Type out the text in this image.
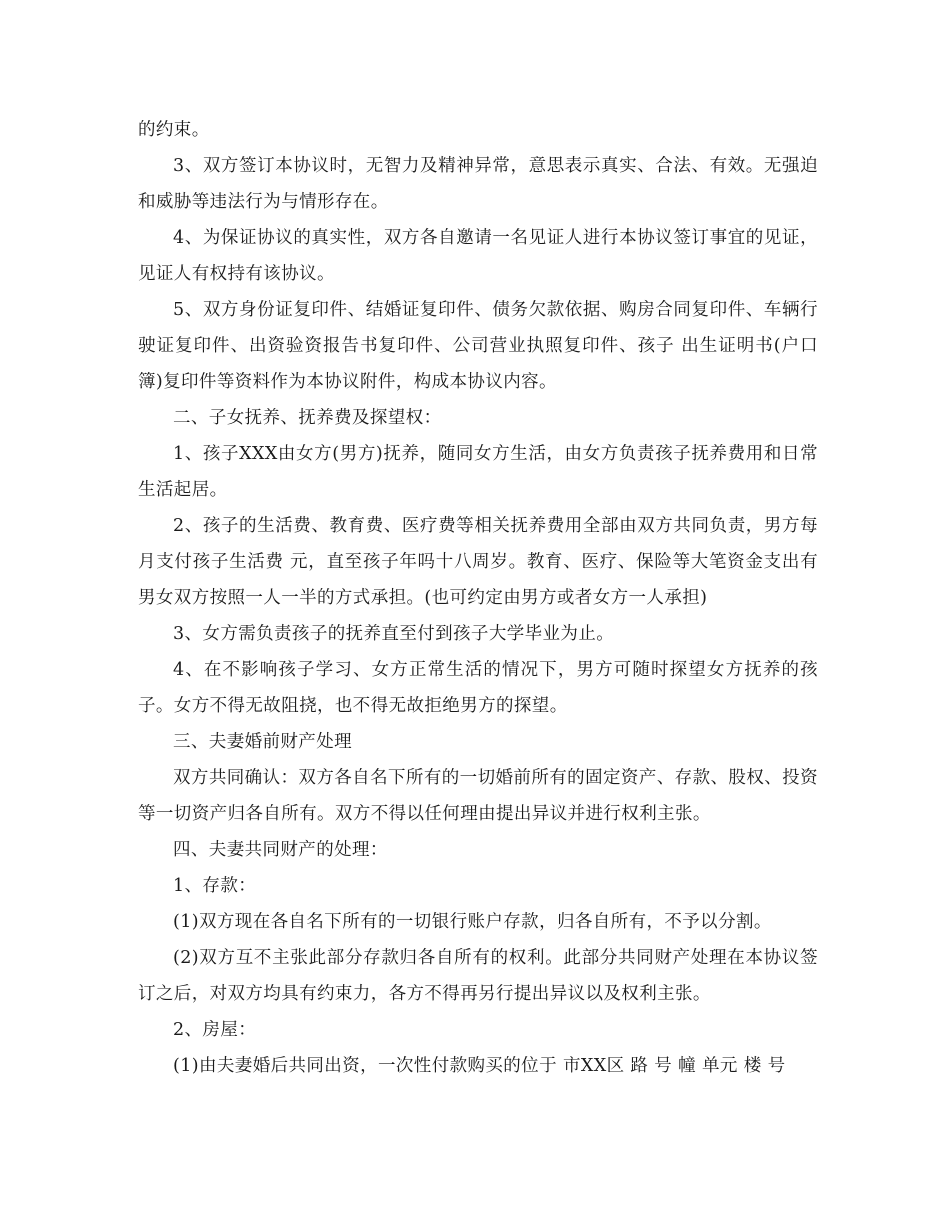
的约束。

3、双方签订本协议时，无智力及精神异常，意思表示真实、合法、有效。无强迫和威胁等违法行为与情形存在。

4、为保证协议的真实性，双方各自邀请一名见证人进行本协议签订事宜的见证，见证人有权持有该协议。

5、双方身份证复印件、结婚证复印件、债务欠款依据、购房合同复印件、车辆行驶证复印件、出资验资报告书复印件、公司营业执照复印件、孩子 出生证明书(户口簿)复印件等资料作为本协议附件，构成本协议内容。

二、子女抚养、抚养费及探望权：

1、孩子XXX由女方(男方)抚养，随同女方生活，由女方负责孩子抚养费用和日常生活起居。

2、孩子的生活费、教育费、医疗费等相关抚养费用全部由双方共同负责，男方每月支付孩子生活费 元，直至孩子年吗十八周岁。教育、医疗、保险等大笔资金支出有男女双方按照一人一半的方式承担。(也可约定由男方或者女方一人承担)

3、女方需负责孩子的抚养直至付到孩子大学毕业为止。

4、在不影响孩子学习、女方正常生活的情况下，男方可随时探望女方抚养的孩子。女方不得无故阻挠，也不得无故拒绝男方的探望。

三、夫妻婚前财产处理

双方共同确认：双方各自名下所有的一切婚前所有的固定资产、存款、股权、投资等一切资产归各自所有。双方不得以任何理由提出异议并进行权利主张。

四、夫妻共同财产的处理：

1、存款：

(1)双方现在各自名下所有的一切银行账户存款，归各自所有，不予以分割。

(2)双方互不主张此部分存款归各自所有的权利。此部分共同财产处理在本协议签订之后，对双方均具有约束力，各方不得再另行提出异议以及权利主张。

2、房屋：

(1)由夫妻婚后共同出资，一次性付款购买的位于 市XX区 路 号 幢 单元 楼 号
